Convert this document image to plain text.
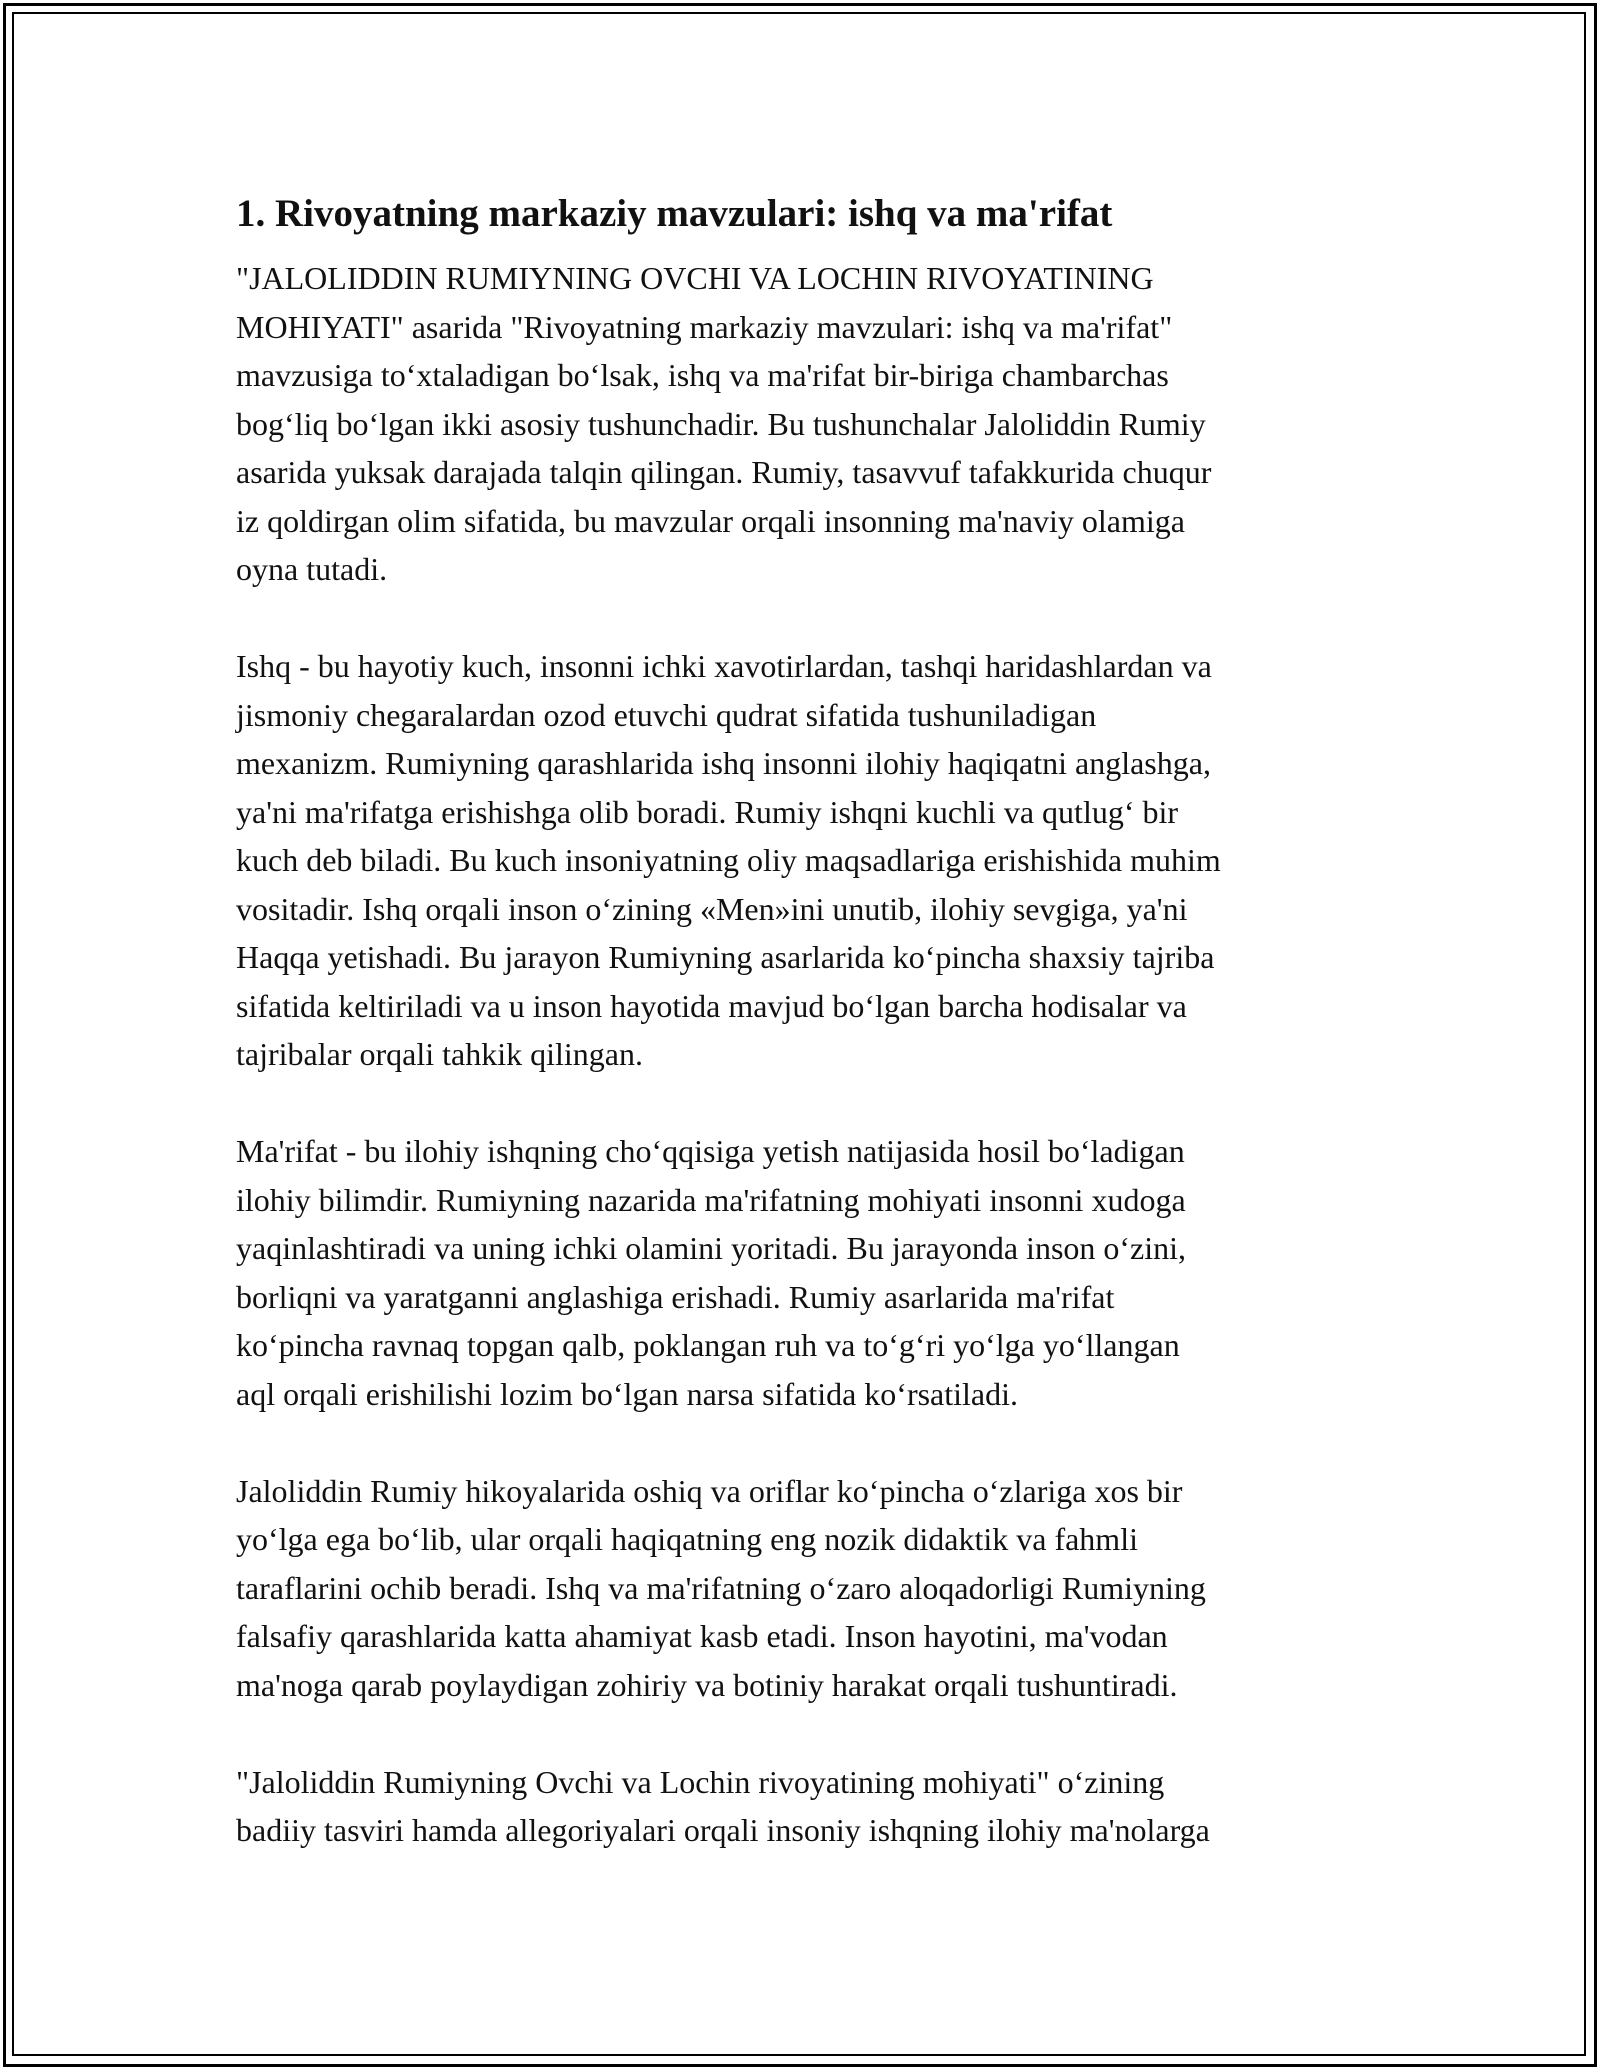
1. Rivoyatning markaziy mavzulari: ishq va ma'rifat

"JALOLIDDIN RUMIYNING OVCHI VA LOCHIN RIVOYATINING
MOHIYATI" asarida "Rivoyatning markaziy mavzulari: ishq va ma'rifat"
mavzusiga to‘xtaladigan bo‘lsak, ishq va ma'rifat bir-biriga chambarchas
bog‘liq bo‘lgan ikki asosiy tushunchadir. Bu tushunchalar Jaloliddin Rumiy
asarida yuksak darajada talqin qilingan. Rumiy, tasavvuf tafakkurida chuqur
iz qoldirgan olim sifatida, bu mavzular orqali insonning ma'naviy olamiga
oyna tutadi.

Ishq - bu hayotiy kuch, insonni ichki xavotirlardan, tashqi haridashlardan va
jismoniy chegaralardan ozod etuvchi qudrat sifatida tushuniladigan
mexanizm. Rumiyning qarashlarida ishq insonni ilohiy haqiqatni anglashga,
ya'ni ma'rifatga erishishga olib boradi. Rumiy ishqni kuchli va qutlug‘ bir
kuch deb biladi. Bu kuch insoniyatning oliy maqsadlariga erishishida muhim
vositadir. Ishq orqali inson o‘zining «Men»ini unutib, ilohiy sevgiga, ya'ni
Haqqa yetishadi. Bu jarayon Rumiyning asarlarida ko‘pincha shaxsiy tajriba
sifatida keltiriladi va u inson hayotida mavjud bo‘lgan barcha hodisalar va
tajribalar orqali tahkik qilingan.

Ma'rifat - bu ilohiy ishqning cho‘qqisiga yetish natijasida hosil bo‘ladigan
ilohiy bilimdir. Rumiyning nazarida ma'rifatning mohiyati insonni xudoga
yaqinlashtiradi va uning ichki olamini yoritadi. Bu jarayonda inson o‘zini,
borliqni va yaratganni anglashiga erishadi. Rumiy asarlarida ma'rifat
ko‘pincha ravnaq topgan qalb, poklangan ruh va to‘g‘ri yo‘lga yo‘llangan
aql orqali erishilishi lozim bo‘lgan narsa sifatida ko‘rsatiladi.

Jaloliddin Rumiy hikoyalarida oshiq va oriflar ko‘pincha o‘zlariga xos bir
yo‘lga ega bo‘lib, ular orqali haqiqatning eng nozik didaktik va fahmli
taraflarini ochib beradi. Ishq va ma'rifatning o‘zaro aloqadorligi Rumiyning
falsafiy qarashlarida katta ahamiyat kasb etadi. Inson hayotini, ma'vodan
ma'noga qarab poylaydigan zohiriy va botiniy harakat orqali tushuntiradi.

"Jaloliddin Rumiyning Ovchi va Lochin rivoyatining mohiyati" o‘zining
badiiy tasviri hamda allegoriyalari orqali insoniy ishqning ilohiy ma'nolarga
